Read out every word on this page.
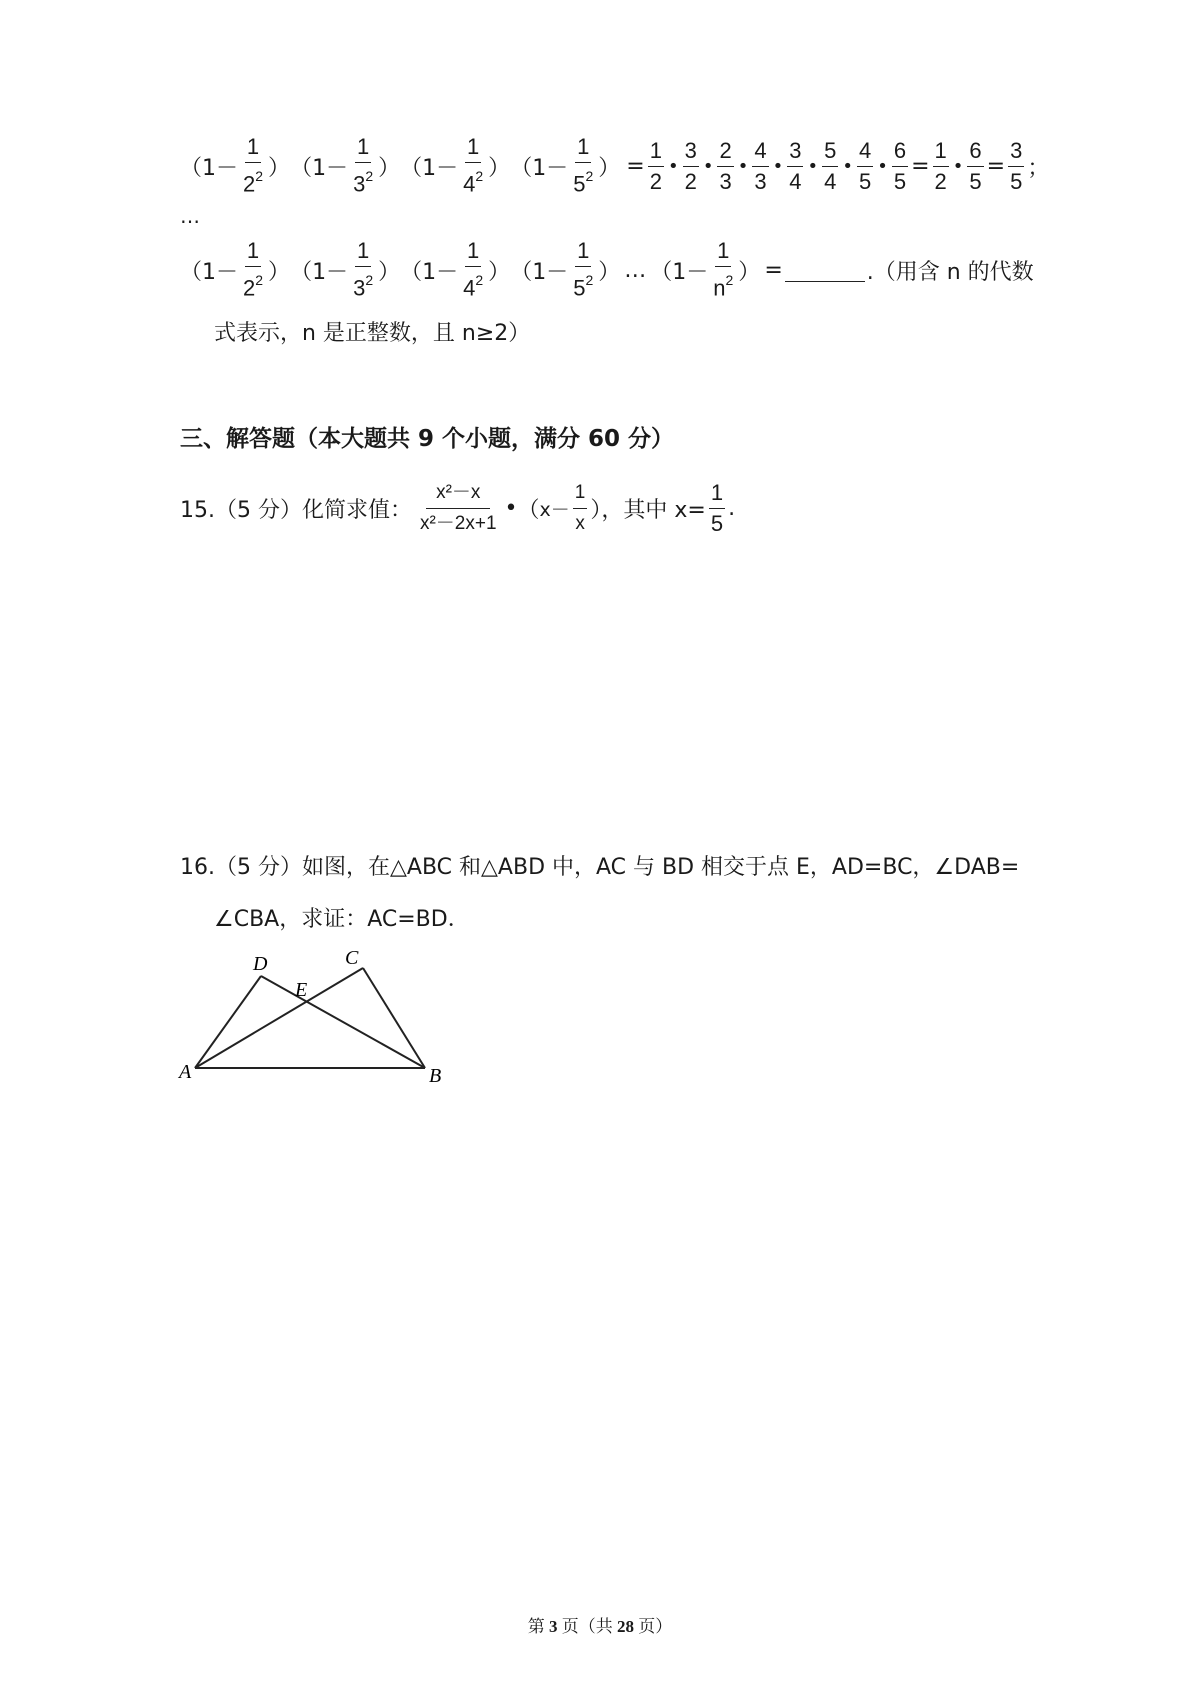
（$1- \frac{1}{2^2}$ ） （$1- \frac{1}{3^2}$ ） （$1- \frac{1}{4^2}$ ） （$1- \frac{1}{5^2}$ ） = $\frac{1}{2}$ • $\frac{3}{2}$ • $\frac{2}{3}$ • $\frac{4}{3}$ • $\frac{3}{4}$ • $\frac{5}{4}$ • $\frac{4}{5}$ • $\frac{6}{5} = \frac{1}{2}$ • $\frac{6}{5} = \frac{3}{5}$ ；
…
（$1- \frac{1}{2^2}$ ） （$1- \frac{1}{3^2}$ ） （$1- \frac{1}{4^2}$ ） （$1- \frac{1}{5^2}$ ） … （$1- \frac{1}{n^2}$ ） =	.（用含 n 的代数
式表示，n 是正整数，且 n≥2）
三、解答题（本大题共 9 个小题，满分 60 分）
15.（5 分）化简求值： $\frac{\text{x²－x}}{\text{x²－2x+1}}$ • （ $x- \frac{1}{x}$ ），其中 $x= \frac{1}{5}$ .
16.（5 分）如图，在△ABC 和△ABD 中，AC 与 BD 相交于点 E，AD=BC，∠DAB=
∠CBA，求证：AC=BD．
A	B
C
D
E
第 3 页（共 28 页）
